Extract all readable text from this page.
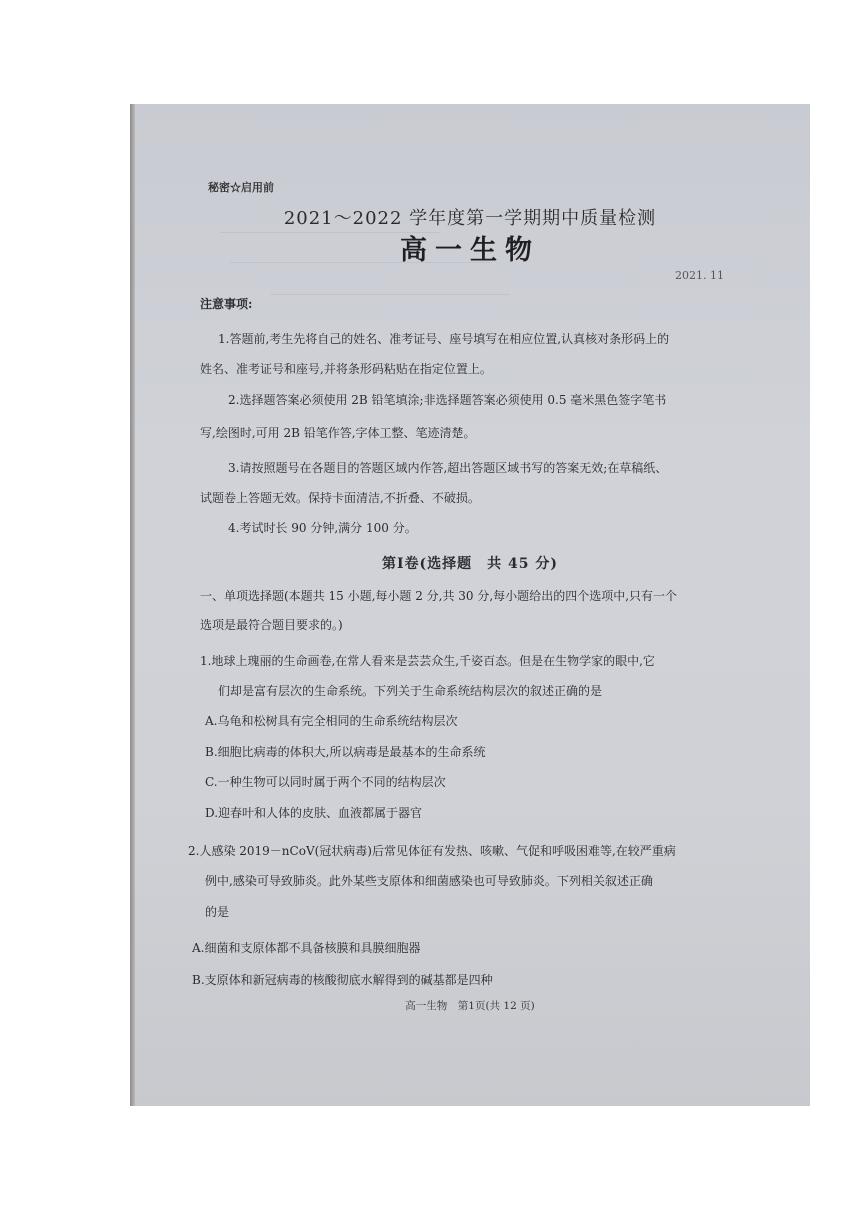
秘密☆启用前
2021～2022 学年度第一学期期中质量检测
高一生物
2021. 11
注意事项:
1.答题前,考生先将自己的姓名、准考证号、座号填写在相应位置,认真核对条形码上的
姓名、准考证号和座号,并将条形码粘贴在指定位置上。
2.选择题答案必须使用 2B 铅笔填涂;非选择题答案必须使用 0.5 毫米黑色签字笔书
写,绘图时,可用 2B 铅笔作答,字体工整、笔迹清楚。
3.请按照题号在各题目的答题区域内作答,超出答题区域书写的答案无效;在草稿纸、
试题卷上答题无效。保持卡面清洁,不折叠、不破损。
4.考试时长 90 分钟,满分 100 分。
第Ⅰ卷(选择题　共 45 分)
一、单项选择题(本题共 15 小题,每小题 2 分,共 30 分,每小题给出的四个选项中,只有一个
选项是最符合题目要求的。)
1.地球上瑰丽的生命画卷,在常人看来是芸芸众生,千姿百态。但是在生物学家的眼中,它
们却是富有层次的生命系统。下列关于生命系统结构层次的叙述正确的是
A.乌龟和松树具有完全相同的生命系统结构层次
B.细胞比病毒的体积大,所以病毒是最基本的生命系统
C.一种生物可以同时属于两个不同的结构层次
D.迎春叶和人体的皮肤、血液都属于器官
2.人感染 2019－nCoV(冠状病毒)后常见体征有发热、咳嗽、气促和呼吸困难等,在较严重病
例中,感染可导致肺炎。此外某些支原体和细菌感染也可导致肺炎。下列相关叙述正确
的是
A.细菌和支原体都不具备核膜和具膜细胞器
B.支原体和新冠病毒的核酸彻底水解得到的碱基都是四种
高一生物　第1页(共 12 页)
